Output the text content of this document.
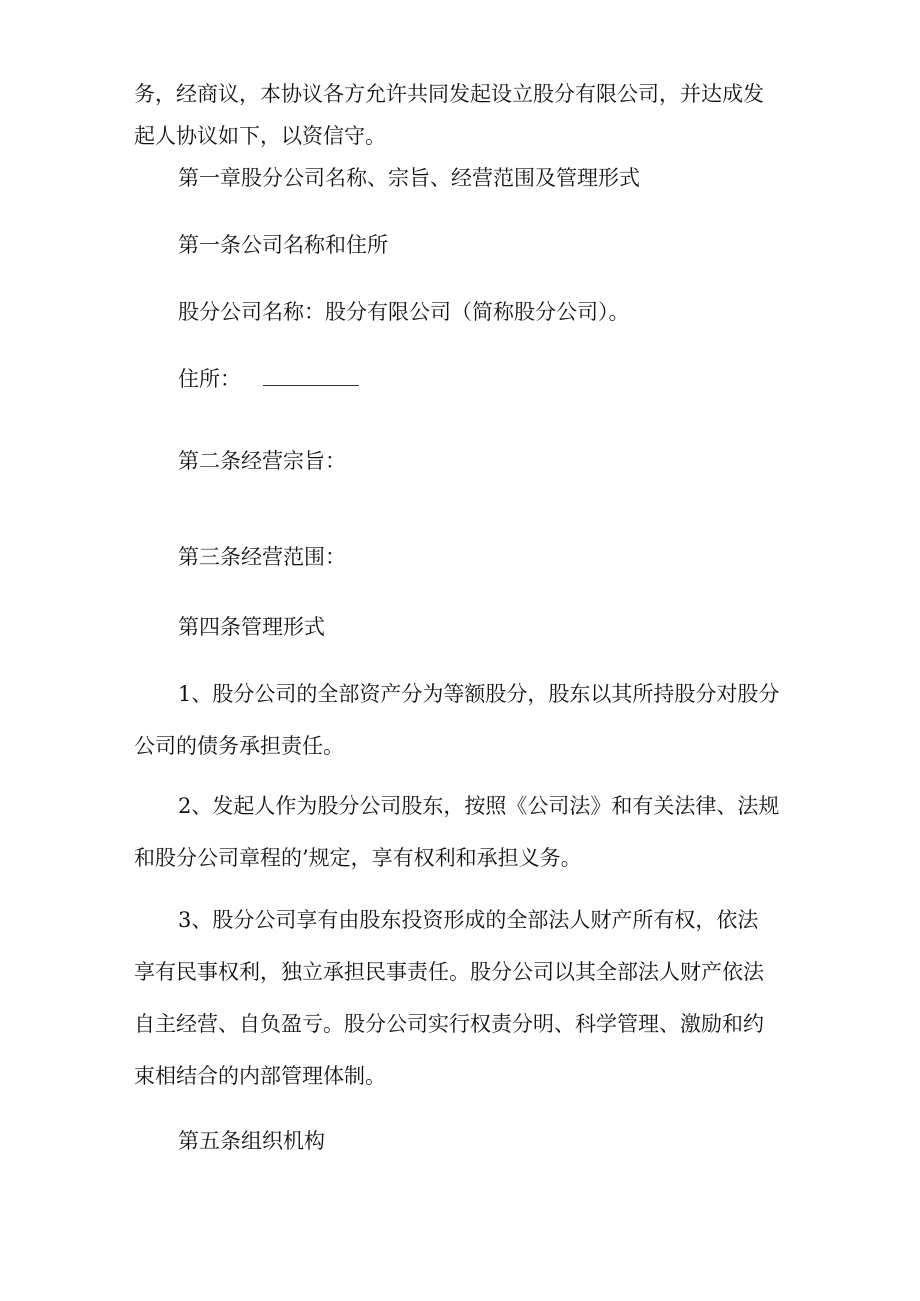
务，经商议，本协议各方允许共同发起设立股分有限公司，并达成发
起人协议如下，以资信守。

第一章股分公司名称、宗旨、经营范围及管理形式

第一条公司名称和住所

股分公司名称：股分有限公司（简称股分公司）。

住所：

第二条经营宗旨：

第三条经营范围：

第四条管理形式

1、股分公司的全部资产分为等额股分，股东以其所持股分对股分
公司的债务承担责任。

2、发起人作为股分公司股东，按照《公司法》和有关法律、法规
和股分公司章程的’规定，享有权利和承担义务。

3、股分公司享有由股东投资形成的全部法人财产所有权，依法
享有民事权利，独立承担民事责任。股分公司以其全部法人财产依法
自主经营、自负盈亏。股分公司实行权责分明、科学管理、激励和约
束相结合的内部管理体制。

第五条组织机构
